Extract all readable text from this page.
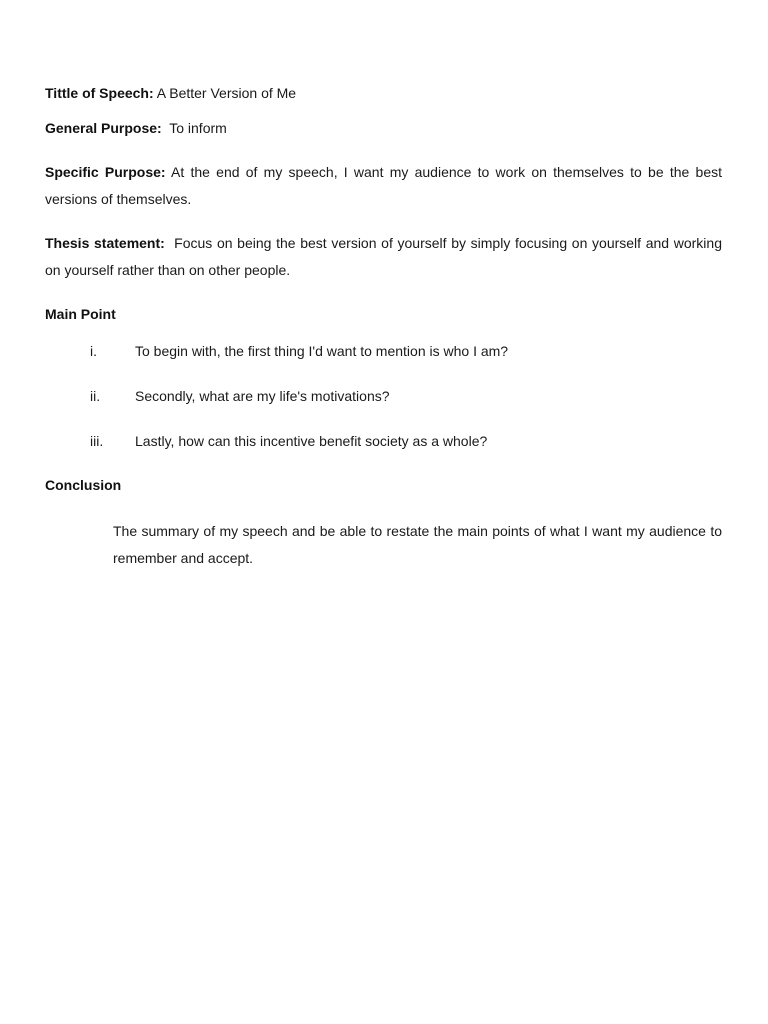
Tittle of Speech: A Better Version of Me
General Purpose: To inform
Specific Purpose: At the end of my speech, I want my audience to work on themselves to be the best versions of themselves.
Thesis statement: Focus on being the best version of yourself by simply focusing on yourself and working on yourself rather than on other people.
Main Point
i.	To begin with, the first thing I'd want to mention is who I am?
ii. Secondly, what are my life's motivations?
iii. Lastly, how can this incentive benefit society as a whole?
Conclusion
The summary of my speech and be able to restate the main points of what I want my audience to remember and accept.
